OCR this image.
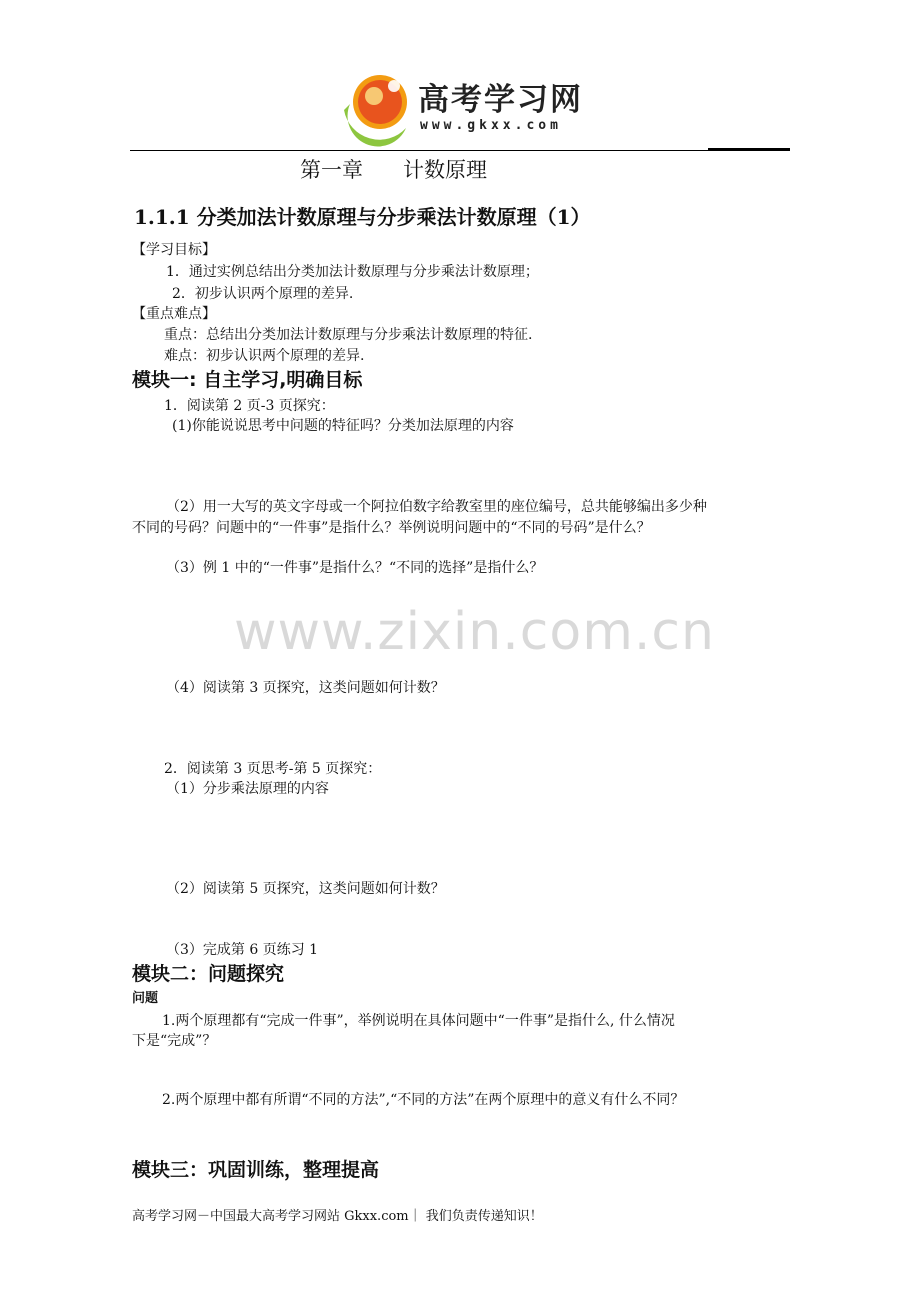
高考学习网
www.gkxx.com
第一章      计数原理
1.1.1 分类加法计数原理与分步乘法计数原理（1）
【学习目标】
1．通过实例总结出分类加法计数原理与分步乘法计数原理；
2．初步认识两个原理的差异.
【重点难点】
重点：总结出分类加法计数原理与分步乘法计数原理的特征.
难点：初步认识两个原理的差异.
模块一: 自主学习,明确目标
1．阅读第 2 页-3 页探究：
(1)你能说说思考中问题的特征吗？分类加法原理的内容
（2）用一大写的英文字母或一个阿拉伯数字给教室里的座位编号，总共能够编出多少种
不同的号码？问题中的“一件事”是指什么？举例说明问题中的“不同的号码”是什么？
（3）例 1 中的“一件事”是指什么？“不同的选择”是指什么？
www.zixin.com.cn
（4）阅读第 3 页探究，这类问题如何计数？
2．阅读第 3 页思考-第 5 页探究：
（1）分步乘法原理的内容
（2）阅读第 5 页探究，这类问题如何计数？
（3）完成第 6 页练习 1
模块二：问题探究
问题
1.两个原理都有“完成一件事”，举例说明在具体问题中“一件事”是指什么, 什么情况
下是“完成”？
2.两个原理中都有所谓“不同的方法”,“不同的方法”在两个原理中的意义有什么不同？
模块三：巩固训练，整理提高
高考学习网－中国最大高考学习网站 Gkxx.com｜ 我们负责传递知识！
